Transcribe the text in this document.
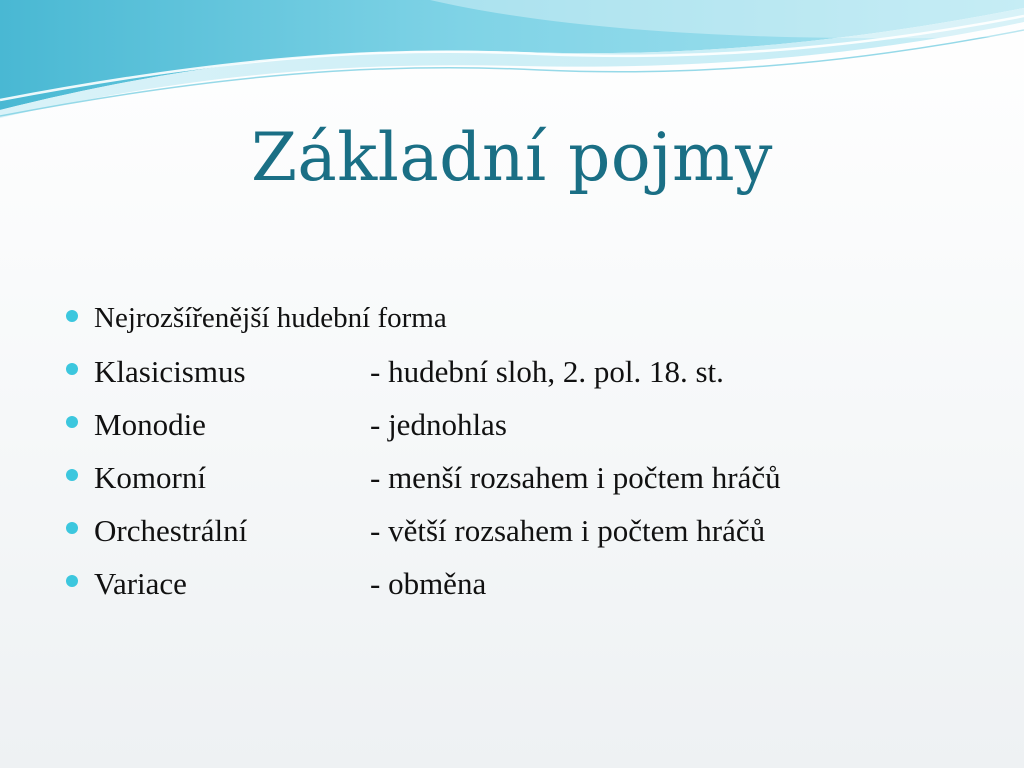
Základní pojmy
Nejrozšířenější hudební forma
Klasicismus	- hudební sloh, 2. pol. 18. st.
Monodie	- jednohlas
Komorní	- menší rozsahem i počtem hráčů
Orchestrální	- větší rozsahem i počtem hráčů
Variace	- obměna
